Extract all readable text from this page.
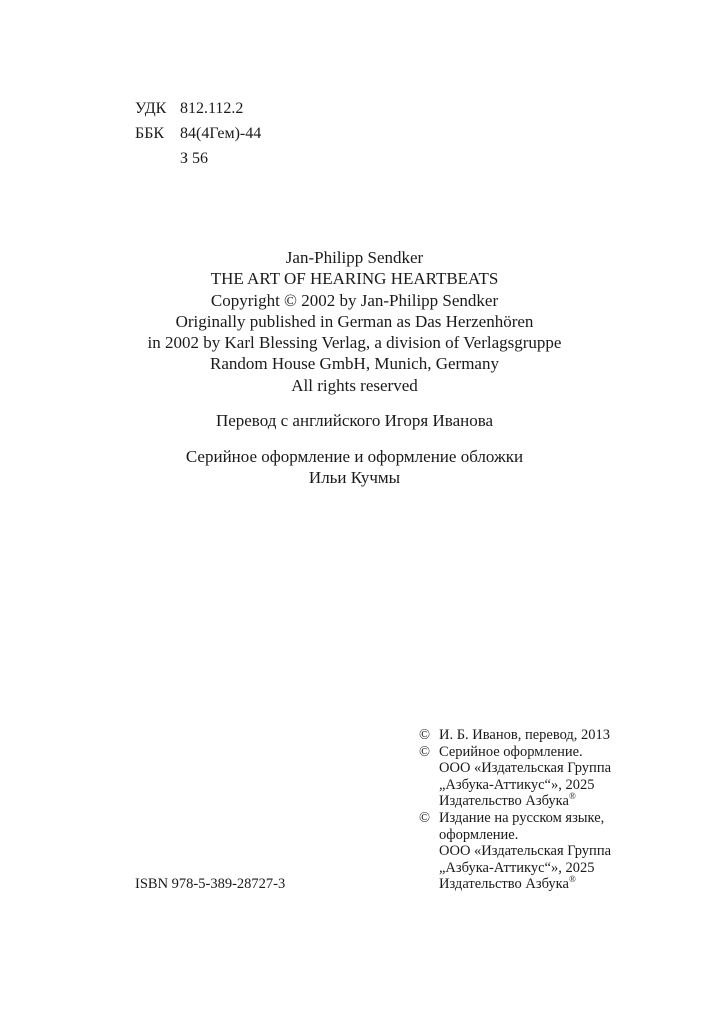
УДК 812.112.2
ББК 84(4Гем)-44
З 56
Jan-Philipp Sendker
THE ART OF HEARING HEARTBEATS
Copyright © 2002 by Jan-Philipp Sendker
Originally published in German as Das Herzenhören
in 2002 by Karl Blessing Verlag, a division of Verlagsgruppe
Random House GmbH, Munich, Germany
All rights reserved
Перевод с английского Игоря Иванова
Серийное оформление и оформление обложки
Ильи Кучмы
© И. Б. Иванов, перевод, 2013
© Серийное оформление.
ООО «Издательская Группа
„Азбука-Аттикус“», 2025
Издательство Азбука®
© Издание на русском языке,
оформление.
ООО «Издательская Группа
„Азбука-Аттикус“», 2025
Издательство Азбука®
ISBN 978-5-389-28727-3
